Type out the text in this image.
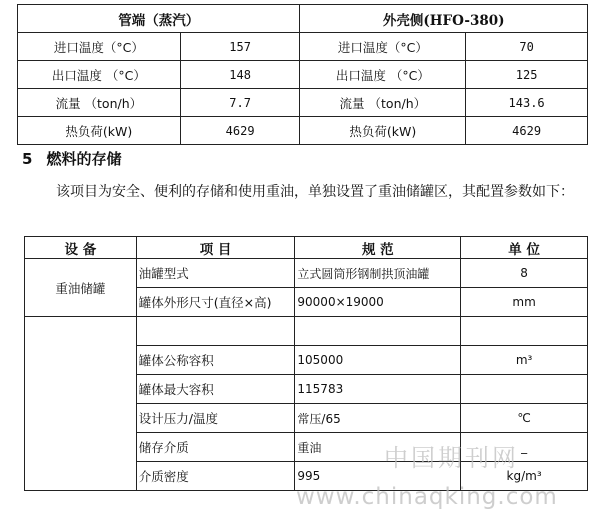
管端（蒸汽）		外壳侧(HFO-380)	
进口温度（°C）	157	进口温度（°C）	70
出口温度 （°C）	148	出口温度 （°C）	125
流量 （ton/h）	7.7	流量 （ton/h）	143.6
热负荷(kW)	4629	热负荷(kW)	4629
5 燃料的存储
该项目为安全、便利的存储和使用重油，单独设置了重油储罐区，其配置参数如下：
设 备	项 目	规 范	单 位
重油储罐	油罐型式	立式圆筒形钢制拱顶油罐	8
	罐体外形尺寸(直径×高)	90000×19000	mm

	罐体公称容积	105000	m³
	罐体最大容积	115783	
	设计压力/温度	常压/65	℃
	储存介质	重油	_
	介质密度	995	kg/m³
中国期刊网
www.chinaqking.com
